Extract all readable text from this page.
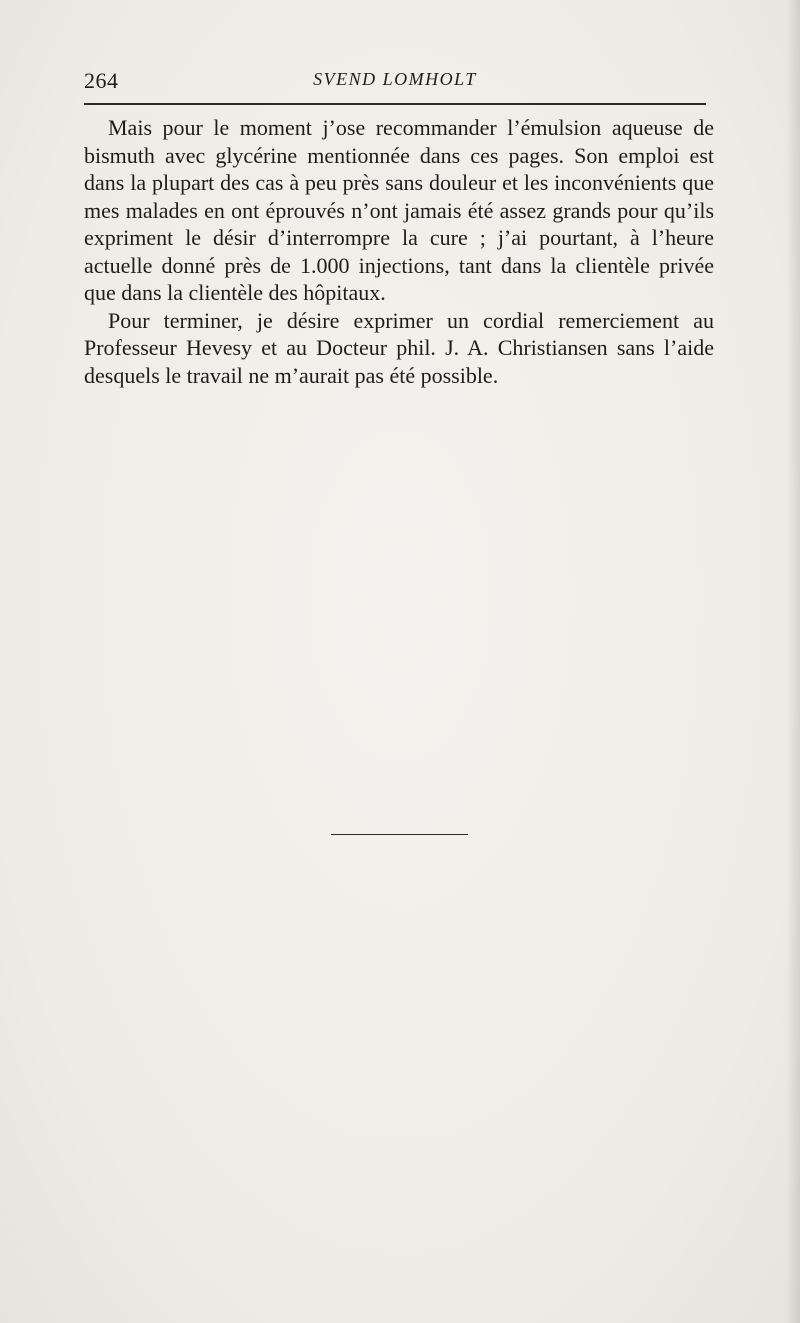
264	SVEND LOMHOLT

Mais pour le moment j’ose recommander l’émulsion aqueuse de bismuth avec glycérine mentionnée dans ces pages. Son emploi est dans la plupart des cas à peu près sans douleur et les inconvénients que mes malades en ont éprouvés n’ont jamais été assez grands pour qu’ils expriment le désir d’interrompre la cure ; j’ai pourtant, à l’heure actuelle donné près de 1.000 injections, tant dans la clientèle privée que dans la clientèle des hôpitaux.

Pour terminer, je désire exprimer un cordial remerciement au Professeur Hevesy et au Docteur phil. J. A. Christiansen sans l’aide desquels le travail ne m’aurait pas été possible.
